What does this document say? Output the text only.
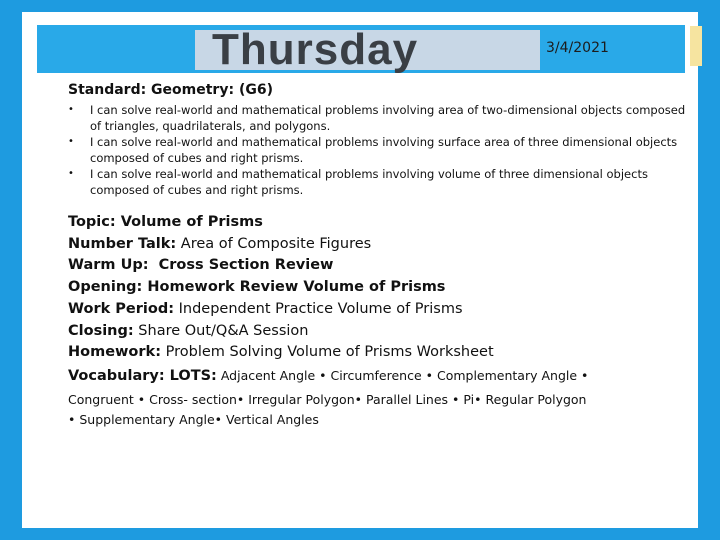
Thursday	3/4/2021
Standard: Geometry: (G6)
• I can solve real-world and mathematical problems involving area of two-dimensional objects composed of triangles, quadrilaterals, and polygons.
• I can solve real-world and mathematical problems involving surface area of three dimensional objects composed of cubes and right prisms.
• I can solve real-world and mathematical problems involving volume of three dimensional objects composed of cubes and right prisms.
Topic: Volume of Prisms
Number Talk: Area of Composite Figures
Warm Up:  Cross Section Review
Opening: Homework Review Volume of Prisms
Work Period: Independent Practice Volume of Prisms
Closing: Share Out/Q&A Session
Homework: Problem Solving Volume of Prisms Worksheet
Vocabulary: LOTS: Adjacent Angle • Circumference • Complementary Angle •
Congruent • Cross- section• Irregular Polygon• Parallel Lines • Pi• Regular Polygon
• Supplementary Angle• Vertical Angles
